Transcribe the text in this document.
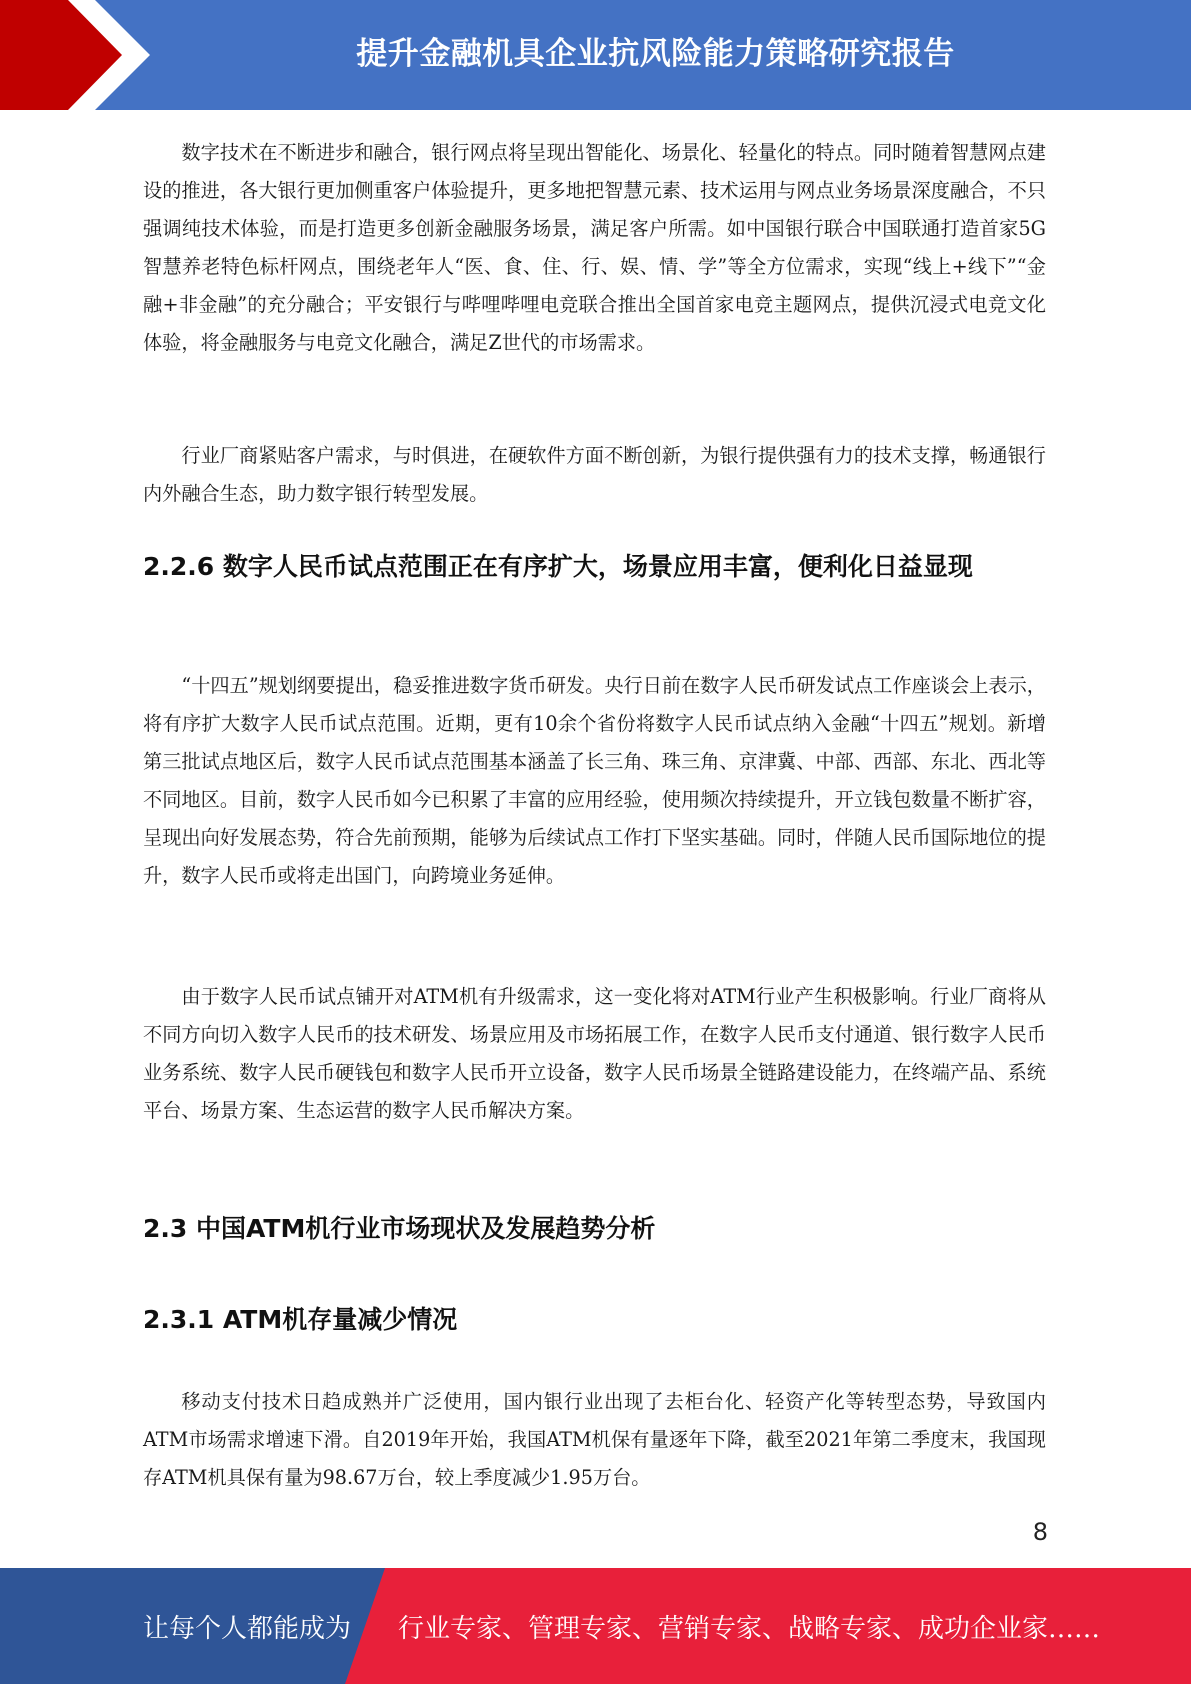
提升金融机具企业抗风险能力策略研究报告

数字技术在不断进步和融合，银行网点将呈现出智能化、场景化、轻量化的特点。同时随着智慧网点建设的推进，各大银行更加侧重客户体验提升，更多地把智慧元素、技术运用与网点业务场景深度融合，不只强调纯技术体验，而是打造更多创新金融服务场景，满足客户所需。如中国银行联合中国联通打造首家5G智慧养老特色标杆网点，围绕老年人“医、食、住、行、娱、情、学”等全方位需求，实现“线上+线下”“金融+非金融”的充分融合；平安银行与哔哩哔哩电竞联合推出全国首家电竞主题网点，提供沉浸式电竞文化体验，将金融服务与电竞文化融合，满足Z世代的市场需求。

行业厂商紧贴客户需求，与时俱进，在硬软件方面不断创新，为银行提供强有力的技术支撑，畅通银行内外融合生态，助力数字银行转型发展。

2.2.6 数字人民币试点范围正在有序扩大，场景应用丰富，便利化日益显现

“十四五”规划纲要提出，稳妥推进数字货币研发。央行日前在数字人民币研发试点工作座谈会上表示，将有序扩大数字人民币试点范围。近期，更有10余个省份将数字人民币试点纳入金融“十四五”规划。新增第三批试点地区后，数字人民币试点范围基本涵盖了长三角、珠三角、京津冀、中部、西部、东北、西北等不同地区。目前，数字人民币如今已积累了丰富的应用经验，使用频次持续提升，开立钱包数量不断扩容，呈现出向好发展态势，符合先前预期，能够为后续试点工作打下坚实基础。同时，伴随人民币国际地位的提升，数字人民币或将走出国门，向跨境业务延伸。

由于数字人民币试点铺开对ATM机有升级需求，这一变化将对ATM行业产生积极影响。行业厂商将从不同方向切入数字人民币的技术研发、场景应用及市场拓展工作，在数字人民币支付通道、银行数字人民币业务系统、数字人民币硬钱包和数字人民币开立设备，数字人民币场景全链路建设能力，在终端产品、系统平台、场景方案、生态运营的数字人民币解决方案。

2.3 中国ATM机行业市场现状及发展趋势分析
2.3.1 ATM机存量减少情况

移动支付技术日趋成熟并广泛使用，国内银行业出现了去柜台化、轻资产化等转型态势，导致国内ATM市场需求增速下滑。自2019年开始，我国ATM机保有量逐年下降，截至2021年第二季度末，我国现存ATM机具保有量为98.67万台，较上季度减少1.95万台。

8
让每个人都能成为 行业专家、管理专家、营销专家、战略专家、成功企业家……
